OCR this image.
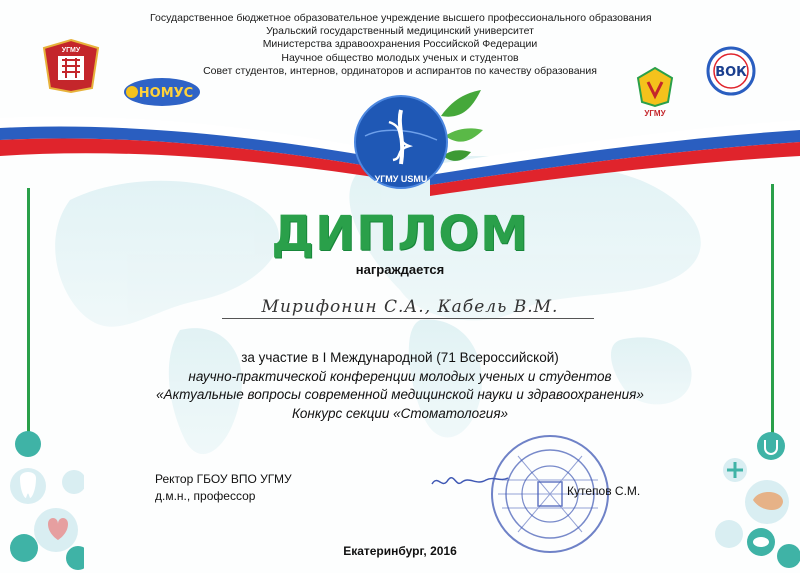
Государственное бюджетное образовательное учреждение высшего профессионального образования
Уральский государственный медицинский университет
Министерства здравоохранения Российской Федерации
Научное общество молодых ученых и студентов
Совет студентов, интернов, ординаторов и аспирантов по качеству образования
УГМУ
НОМУС
УГМУ USMU
УГМУ
ВОК
ДИПЛОМ
награждается
Мирифонин С.А., Кабель В.М.
за участие в I Международной (71 Всероссийской)
научно-практической конференции молодых ученых и студентов
«Актуальные вопросы современной медицинской науки и здравоохранения»
Конкурс секции «Стоматология»
Ректор ГБОУ ВПО УГМУ
д.м.н., профессор	Кутепов С.М.
Екатеринбург, 2016
